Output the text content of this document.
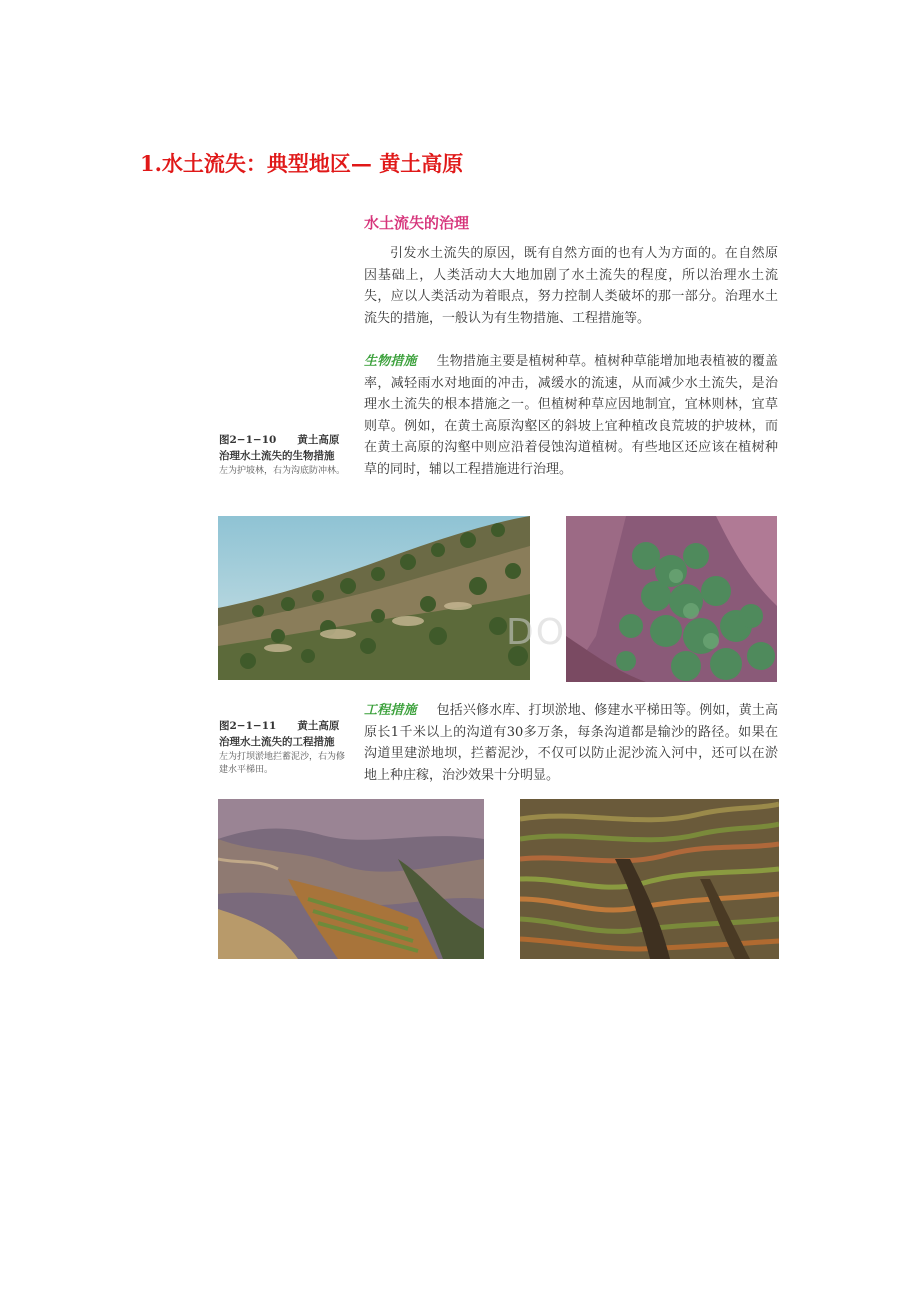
1.水土流失：典型地区— 黄土高原
水土流失的治理
引发水土流失的原因，既有自然方面的也有人为方面的。在自然原因基础上，人类活动大大地加剧了水土流失的程度，所以治理水土流失，应以人类活动为着眼点，努力控制人类破坏的那一部分。治理水土流失的措施，一般认为有生物措施、工程措施等。
生物措施 生物措施主要是植树种草。植树种草能增加地表植被的覆盖率，减轻雨水对地面的冲击，减缓水的流速，从而减少水土流失，是治理水土流失的根本措施之一。但植树种草应因地制宜，宜林则林，宜草则草。例如，在黄土高原沟壑区的斜坡上宜种植改良荒坡的护坡林，而在黄土高原的沟壑中则应沿着侵蚀沟道植树。有些地区还应该在植树种草的同时，辅以工程措施进行治理。
图2−1−10　　黄土高原治理水土流失的生物措施
左为护坡林，右为沟底防冲林。
DO
图2−1−11　　黄土高原治理水土流失的工程措施
左为打坝淤地拦蓄泥沙，右为修建水平梯田。
工程措施 包括兴修水库、打坝淤地、修建水平梯田等。例如，黄土高原长1千米以上的沟道有30多万条，每条沟道都是输沙的路径。如果在沟道里建淤地坝，拦蓄泥沙，不仅可以防止泥沙流入河中，还可以在淤地上种庄稼，治沙效果十分明显。
